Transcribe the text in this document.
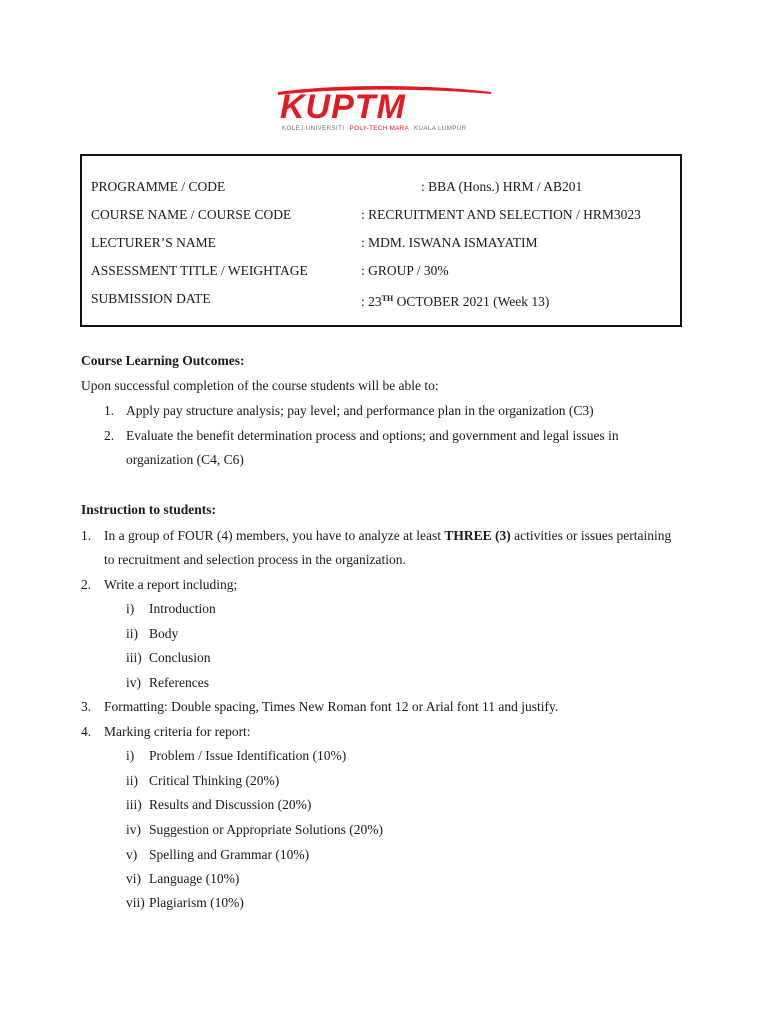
KUPTM
KOLEJ UNIVERSITI POLY-TECH MARA KUALA LUMPUR
PROGRAMME / CODE	: BBA (Hons.) HRM / AB201
COURSE NAME / COURSE CODE	: RECRUITMENT AND SELECTION / HRM3023
LECTURER’S NAME	: MDM. ISWANA ISMAYATIM
ASSESSMENT TITLE / WEIGHTAGE	: GROUP / 30%
SUBMISSION DATE	: 23TH OCTOBER 2021 (Week 13)
Course Learning Outcomes:
Upon successful completion of the course students will be able to:
1. Apply pay structure analysis; pay level; and performance plan in the organization (C3)
2. Evaluate the benefit determination process and options; and government and legal issues in
organization (C4, C6)
Instruction to students:
1. In a group of FOUR (4) members, you have to analyze at least THREE (3) activities or issues pertaining
to recruitment and selection process in the organization.
2. Write a report including;
i) Introduction
ii) Body
iii) Conclusion
iv) References
3. Formatting: Double spacing, Times New Roman font 12 or Arial font 11 and justify.
4. Marking criteria for report:
i) Problem / Issue Identification (10%)
ii) Critical Thinking (20%)
iii) Results and Discussion (20%)
iv) Suggestion or Appropriate Solutions (20%)
v) Spelling and Grammar (10%)
vi) Language (10%)
vii) Plagiarism (10%)
